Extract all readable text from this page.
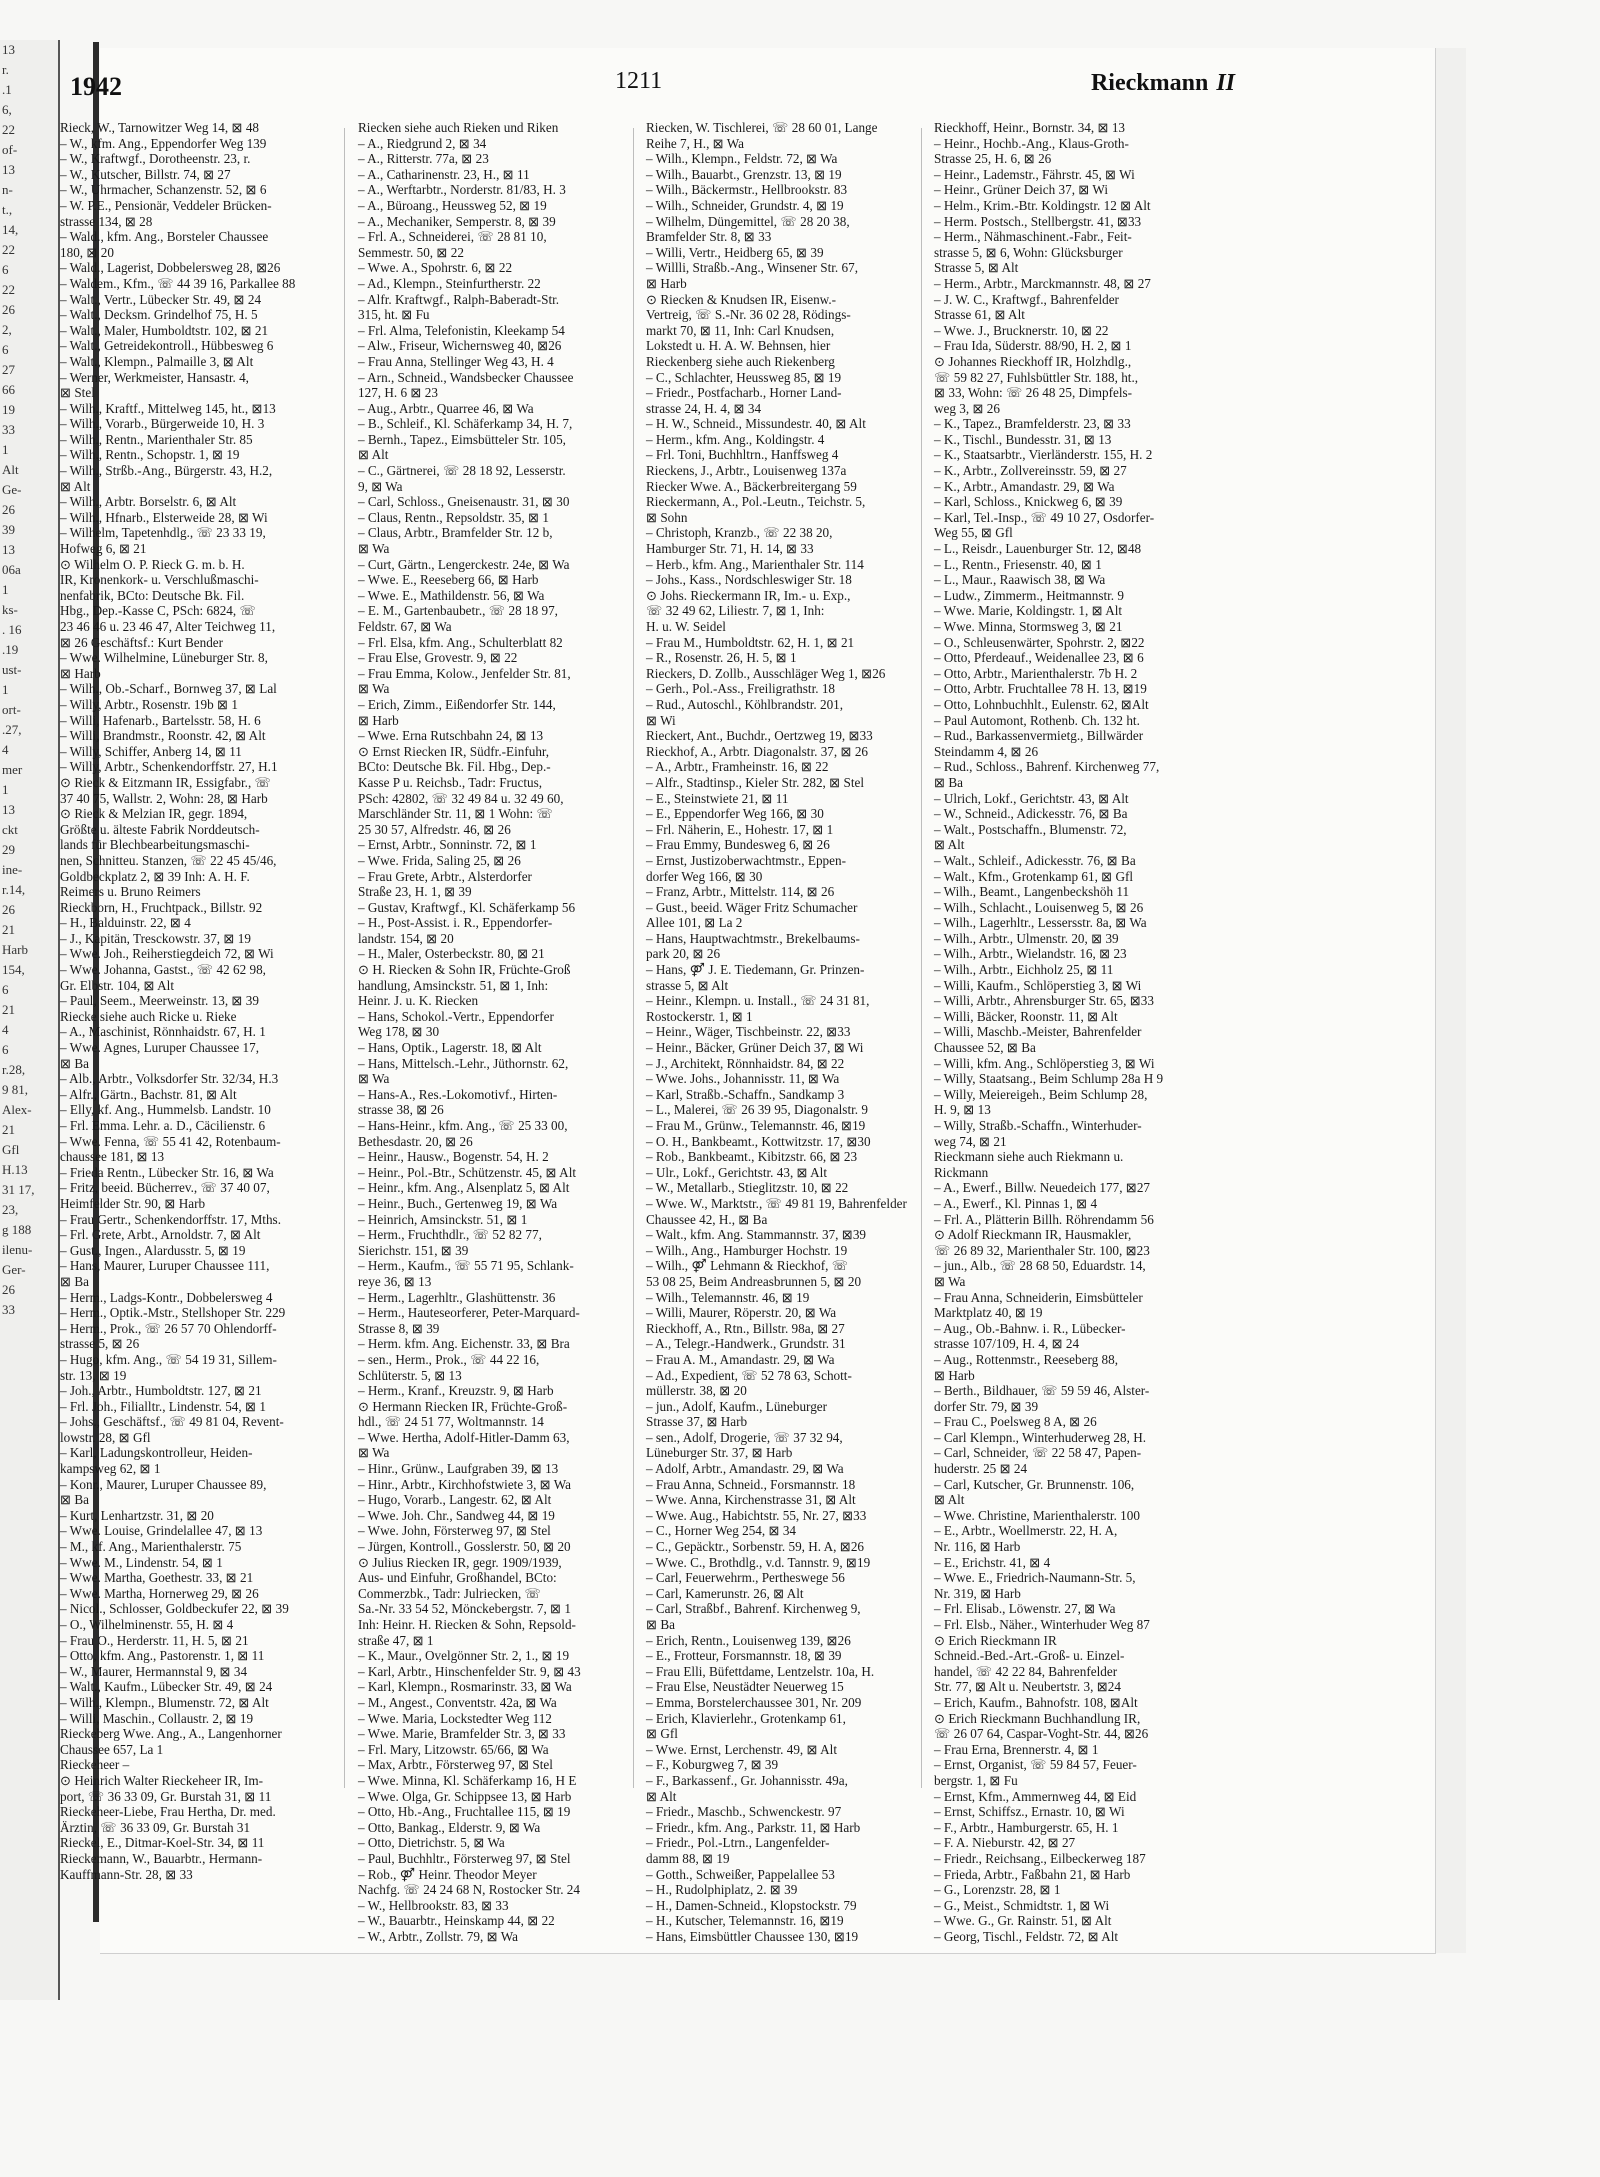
13
r.
.1
6,
22
of-
13
n-
t.,
14,
22
6
22
26
2,
6
27
66
19
33
1
Alt
Ge-
26
39
13
06a
1
ks-
. 16
.19
ust-
1
ort-
.27,
4
mer
1
13
ckt
29
ine-
r.14,
26
21
Harb
154,
6
21
4
6
r.28,
9 81,
Alex-
21
Gfl
H.13
31 17,
23,
g 188
ilenu-
Ger-
26
33
1942	1211	Rieckmann II
Rieck, W., Tarnowitzer Weg 14, ⊠ 48
– W., kfm. Ang., Eppendorfer Weg 139
– W., Kraftwgf., Dorotheenstr. 23, r.
– W., Kutscher, Billstr. 74, ⊠ 27
– W., Uhrmacher, Schanzenstr. 52, ⊠ 6
– W. P.E., Pensionär, Veddeler Brücken-
strasse 134, ⊠ 28
– Wald., kfm. Ang., Borsteler Chaussee
180, ⊠ 20
– Wald., Lagerist, Dobbelersweg 28, ⊠26
– Waldem., Kfm., ☏ 44 39 16, Parkallee 88
– Walt., Vertr., Lübecker Str. 49, ⊠ 24
– Walt., Decksm. Grindelhof 75, H. 5
– Walt., Maler, Humboldtstr. 102, ⊠ 21
– Walt., Getreidekontroll., Hübbesweg 6
– Walt., Klempn., Palmaille 3, ⊠ Alt
– Werner, Werkmeister, Hansastr. 4,
⊠ Stel
– Wilh., Kraftf., Mittelweg 145, ht., ⊠13
– Wilh., Vorarb., Bürgerweide 10, H. 3
– Wilh., Rentn., Marienthaler Str. 85
– Wilh., Rentn., Schopstr. 1, ⊠ 19
– Wilh., Strßb.-Ang., Bürgerstr. 43, H.2,
⊠ Alt
– Wilh., Arbtr. Borselstr. 6, ⊠ Alt
– Wilh., Hfnarb., Elsterweide 28, ⊠ Wi
– Wilhelm, Tapetenhdlg., ☏ 23 33 19,
Hofweg 6, ⊠ 21
⊙ Wilhelm O. P. Rieck G. m. b. H.
IR, Kronenkork- u. Verschlußmaschi-
nenfabrik, BCto: Deutsche Bk. Fil.
Hbg., Dep.-Kasse C, PSch: 6824, ☏
23 46 46 u. 23 46 47, Alter Teichweg 11,
⊠ 26 Geschäftsf.: Kurt Bender
– Wwe. Wilhelmine, Lüneburger Str. 8,
⊠ Harb
– Wilh., Ob.-Scharf., Bornweg 37, ⊠ Lal
– Willy, Arbtr., Rosenstr. 19b ⊠ 1
– Willi, Hafenarb., Bartelsstr. 58, H. 6
– Willi, Brandmstr., Roonstr. 42, ⊠ Alt
– Willy, Schiffer, Anberg 14, ⊠ 11
– Willy, Arbtr., Schenkendorffstr. 27, H.1
⊙ Rieck & Eitzmann IR, Essigfabr., ☏
37 40 75, Wallstr. 2, Wohn: 28, ⊠ Harb
⊙ Rieck & Melzian IR, gegr. 1894,
Größte u. älteste Fabrik Norddeutsch-
lands für Blechbearbeitungsmaschi-
nen, Schnitteu. Stanzen, ☏ 22 45 45/46,
Goldbeckplatz 2, ⊠ 39 Inh: A. H. F.
Reimers u. Bruno Reimers
Rieckborn, H., Fruchtpack., Billstr. 92
– H., Balduinstr. 22, ⊠ 4
– J., Kapitän, Tresckowstr. 37, ⊠ 19
– Wwe. Joh., Reiherstiegdeich 72, ⊠ Wi
– Wwe. Johanna, Gastst., ☏ 42 62 98,
Gr. Elbstr. 104, ⊠ Alt
– Paul, Seem., Meerweinstr. 13, ⊠ 39
Riecke siehe auch Ricke u. Rieke
– A., Maschinist, Rönnhaidstr. 67, H. 1
– Wwe. Agnes, Luruper Chaussee 17,
⊠ Ba
– Alb., Arbtr., Volksdorfer Str. 32/34, H.3
– Alfr., Gärtn., Bachstr. 81, ⊠ Alt
– Elly, kf. Ang., Hummelsb. Landstr. 10
– Frl. Emma. Lehr. a. D., Cäcilienstr. 6
– Wwe. Fenna, ☏ 55 41 42, Rotenbaum-
chaussee 181, ⊠ 13
– Frieda Rentn., Lübecker Str. 16, ⊠ Wa
– Fritz, beeid. Bücherrev., ☏ 37 40 07,
Heimfelder Str. 90, ⊠ Harb
– Frau Gertr., Schenkendorffstr. 17, Mths.
– Frl. Grete, Arbt., Arnoldstr. 7, ⊠ Alt
– Gust., Ingen., Alardusstr. 5, ⊠ 19
– Hans, Maurer, Luruper Chaussee 111,
⊠ Ba
– Herm., Ladgs-Kontr., Dobbelersweg 4
– Herm., Optik.-Mstr., Stellshoper Str. 229
– Herm., Prok., ☏ 26 57 70 Ohlendorff-
strasse 5, ⊠ 26
– Hugo, kfm. Ang., ☏ 54 19 31, Sillem-
str. 13, ⊠ 19
– Joh., Arbtr., Humboldtstr. 127, ⊠ 21
– Frl. Joh., Filialltr., Lindenstr. 54, ⊠ 1
– Johs., Geschäftsf., ☏ 49 81 04, Revent-
lowstr. 28, ⊠ Gfl
– Karl, Ladungskontrolleur, Heiden-
kampsweg 62, ⊠ 1
– Konr., Maurer, Luruper Chaussee 89,
⊠ Ba
– Kurt, Lenhartzstr. 31, ⊠ 20
– Wwe. Louise, Grindelallee 47, ⊠ 13
– M., kf. Ang., Marienthalerstr. 75
– Wwe. M., Lindenstr. 54, ⊠ 1
– Wwe. Martha, Goethestr. 33, ⊠ 21
– Wwe. Martha, Hornerweg 29, ⊠ 26
– Nicol., Schlosser, Goldbeckufer 22, ⊠ 39
– O., Wilhelminenstr. 55, H. ⊠ 4
– Frau O., Herderstr. 11, H. 5, ⊠ 21
– Otto, kfm. Ang., Pastorenstr. 1, ⊠ 11
– W., Maurer, Hermannstal 9, ⊠ 34
– Walt., Kaufm., Lübecker Str. 49, ⊠ 24
– Wilh., Klempn., Blumenstr. 72, ⊠ Alt
– Willi, Maschin., Collaustr. 2, ⊠ 19
Rieckeberg Wwe. Ang., A., Langenhorner
Chaussee 657, La 1
Rieckeheer –
⊙ Heinrich Walter Rieckeheer IR, Im-
port, ☏ 36 33 09, Gr. Burstah 31, ⊠ 11
Rieckeheer-Liebe, Frau Hertha, Dr. med.
Ärztin, ☏ 36 33 09, Gr. Burstah 31
Rieckel, E., Ditmar-Koel-Str. 34, ⊠ 11
Rieckemann, W., Bauarbtr., Hermann-
Kauffmann-Str. 28, ⊠ 33
Riecken siehe auch Rieken und Riken
– A., Riedgrund 2, ⊠ 34
– A., Ritterstr. 77a, ⊠ 23
– A., Catharinenstr. 23, H., ⊠ 11
– A., Werftarbtr., Norderstr. 81/83, H. 3
– A., Büroang., Heussweg 52, ⊠ 19
– A., Mechaniker, Semperstr. 8, ⊠ 39
– Frl. A., Schneiderei, ☏ 28 81 10,
Semmestr. 50, ⊠ 22
– Wwe. A., Spohrstr. 6, ⊠ 22
– Ad., Klempn., Steinfurtherstr. 22
– Alfr. Kraftwgf., Ralph-Baberadt-Str.
315, ht. ⊠ Fu
– Frl. Alma, Telefonistin, Kleekamp 54
– Alw., Friseur, Wichernsweg 40, ⊠26
– Frau Anna, Stellinger Weg 43, H. 4
– Arn., Schneid., Wandsbecker Chaussee
127, H. 6 ⊠ 23
– Aug., Arbtr., Quarree 46, ⊠ Wa
– B., Schleif., Kl. Schäferkamp 34, H. 7,
– Bernh., Tapez., Eimsbütteler Str. 105,
⊠ Alt
– C., Gärtnerei, ☏ 28 18 92, Lesserstr.
9, ⊠ Wa
– Carl, Schloss., Gneisenaustr. 31, ⊠ 30
– Claus, Rentn., Repsoldstr. 35, ⊠ 1
– Claus, Arbtr., Bramfelder Str. 12 b,
⊠ Wa
– Curt, Gärtn., Lengerckestr. 24e, ⊠ Wa
– Wwe. E., Reeseberg 66, ⊠ Harb
– Wwe. E., Mathildenstr. 56, ⊠ Wa
– E. M., Gartenbaubetr., ☏ 28 18 97,
Feldstr. 67, ⊠ Wa
– Frl. Elsa, kfm. Ang., Schulterblatt 82
– Frau Else, Grovestr. 9, ⊠ 22
– Frau Emma, Kolow., Jenfelder Str. 81,
⊠ Wa
– Erich, Zimm., Eißendorfer Str. 144,
⊠ Harb
– Wwe. Erna Rutschbahn 24, ⊠ 13
⊙ Ernst Riecken IR, Südfr.-Einfuhr,
BCto: Deutsche Bk. Fil. Hbg., Dep.-
Kasse P u. Reichsb., Tadr: Fructus,
PSch: 42802, ☏ 32 49 84 u. 32 49 60,
Marschländer Str. 11, ⊠ 1 Wohn: ☏
25 30 57, Alfredstr. 46, ⊠ 26
– Ernst, Arbtr., Sonninstr. 72, ⊠ 1
– Wwe. Frida, Saling 25, ⊠ 26
– Frau Grete, Arbtr., Alsterdorfer
Straße 23, H. 1, ⊠ 39
– Gustav, Kraftwgf., Kl. Schäferkamp 56
– H., Post-Assist. i. R., Eppendorfer-
landstr. 154, ⊠ 20
– H., Maler, Osterbeckstr. 80, ⊠ 21
⊙ H. Riecken & Sohn IR, Früchte-Groß
handlung, Amsinckstr. 51, ⊠ 1, Inh:
Heinr. J. u. K. Riecken
– Hans, Schokol.-Vertr., Eppendorfer
Weg 178, ⊠ 30
– Hans, Optik., Lagerstr. 18, ⊠ Alt
– Hans, Mittelsch.-Lehr., Jüthornstr. 62,
⊠ Wa
– Hans-A., Res.-Lokomotivf., Hirten-
strasse 38, ⊠ 26
– Hans-Heinr., kfm. Ang., ☏ 25 33 00,
Bethesdastr. 20, ⊠ 26
– Heinr., Hausw., Bogenstr. 54, H. 2
– Heinr., Pol.-Btr., Schützenstr. 45, ⊠ Alt
– Heinr., kfm. Ang., Alsenplatz 5, ⊠ Alt
– Heinr., Buch., Gertenweg 19, ⊠ Wa
– Heinrich, Amsinckstr. 51, ⊠ 1
– Herm., Fruchthdlr., ☏ 52 82 77,
Sierichstr. 151, ⊠ 39
– Herm., Kaufm., ☏ 55 71 95, Schlank-
reye 36, ⊠ 13
– Herm., Lagerhltr., Glashüttenstr. 36
– Herm., Hauteseorferer, Peter-Marquard-
Strasse 8, ⊠ 39
– Herm. kfm. Ang. Eichenstr. 33, ⊠ Bra
– sen., Herm., Prok., ☏ 44 22 16,
Schlüterstr. 5, ⊠ 13
– Herm., Kranf., Kreuzstr. 9, ⊠ Harb
⊙ Hermann Riecken IR, Früchte-Groß-
hdl., ☏ 24 51 77, Woltmannstr. 14
– Wwe. Hertha, Adolf-Hitler-Damm 63,
⊠ Wa
– Hinr., Grünw., Laufgraben 39, ⊠ 13
– Hinr., Arbtr., Kirchhofstwiete 3, ⊠ Wa
– Hugo, Vorarb., Langestr. 62, ⊠ Alt
– Wwe. Joh. Chr., Sandweg 44, ⊠ 19
– Wwe. John, Försterweg 97, ⊠ Stel
– Jürgen, Kontroll., Gosslerstr. 50, ⊠ 20
⊙ Julius Riecken IR, gegr. 1909/1939,
Aus- und Einfuhr, Großhandel, BCto:
Commerzbk., Tadr: Julriecken, ☏
Sa.-Nr. 33 54 52, Mönckebergstr. 7, ⊠ 1
Inh: Heinr. H. Riecken & Sohn, Repsold-
straße 47, ⊠ 1
– K., Maur., Ovelgönner Str. 2, 1., ⊠ 19
– Karl, Arbtr., Hinschenfelder Str. 9, ⊠ 43
– Karl, Klempn., Rosmarinstr. 33, ⊠ Wa
– M., Angest., Conventstr. 42a, ⊠ Wa
– Wwe. Maria, Lockstedter Weg 112
– Wwe. Marie, Bramfelder Str. 3, ⊠ 33
– Frl. Mary, Litzowstr. 65/66, ⊠ Wa
– Max, Arbtr., Försterweg 97, ⊠ Stel
– Wwe. Minna, Kl. Schäferkamp 16, H E
– Wwe. Olga, Gr. Schippsee 13, ⊠ Harb
– Otto, Hb.-Ang., Fruchtallee 115, ⊠ 19
– Otto, Bankag., Elderstr. 9, ⊠ Wa
– Otto, Dietrichstr. 5, ⊠ Wa
– Paul, Buchhltr., Försterweg 97, ⊠ Stel
– Rob., ⚤ Heinr. Theodor Meyer
Nachfg. ☏ 24 24 68 N, Rostocker Str. 24
– W., Hellbrookstr. 83, ⊠ 33
– W., Bauarbtr., Heinskamp 44, ⊠ 22
– W., Arbtr., Zollstr. 79, ⊠ Wa
Riecken, W. Tischlerei, ☏ 28 60 01, Lange
Reihe 7, H., ⊠ Wa
– Wilh., Klempn., Feldstr. 72, ⊠ Wa
– Wilh., Bauarbt., Grenzstr. 13, ⊠ 19
– Wilh., Bäckermstr., Hellbrookstr. 83
– Wilh., Schneider, Grundstr. 4, ⊠ 19
– Wilhelm, Düngemittel, ☏ 28 20 38,
Bramfelder Str. 8, ⊠ 33
– Willi, Vertr., Heidberg 65, ⊠ 39
– Willli, Straßb.-Ang., Winsener Str. 67,
⊠ Harb
⊙ Riecken & Knudsen IR, Eisenw.-
Vertreig, ☏ S.-Nr. 36 02 28, Rödings-
markt 70, ⊠ 11, Inh: Carl Knudsen,
Lokstedt u. H. A. W. Behnsen, hier
Rieckenberg siehe auch Riekenberg
– C., Schlachter, Heussweg 85, ⊠ 19
– Friedr., Postfacharb., Horner Land-
strasse 24, H. 4, ⊠ 34
– H. W., Schneid., Missundestr. 40, ⊠ Alt
– Herm., kfm. Ang., Koldingstr. 4
– Frl. Toni, Buchhltrn., Hanffsweg 4
Rieckens, J., Arbtr., Louisenweg 137a
Riecker Wwe. A., Bäckerbreitergang 59
Rieckermann, A., Pol.-Leutn., Teichstr. 5,
⊠ Sohn
– Christoph, Kranzb., ☏ 22 38 20,
Hamburger Str. 71, H. 14, ⊠ 33
– Herb., kfm. Ang., Marienthaler Str. 114
– Johs., Kass., Nordschleswiger Str. 18
⊙ Johs. Rieckermann IR, Im.- u. Exp.,
☏ 32 49 62, Liliestr. 7, ⊠ 1, Inh:
H. u. W. Seidel
– Frau M., Humboldtstr. 62, H. 1, ⊠ 21
– R., Rosenstr. 26, H. 5, ⊠ 1
Rieckers, D. Zollb., Ausschläger Weg 1, ⊠26
– Gerh., Pol.-Ass., Freiligrathstr. 18
– Rud., Autoschl., Köhlbrandstr. 201,
⊠ Wi
Rieckert, Ant., Buchdr., Oertzweg 19, ⊠33
Rieckhof, A., Arbtr. Diagonalstr. 37, ⊠ 26
– A., Arbtr., Framheinstr. 16, ⊠ 22
– Alfr., Stadtinsp., Kieler Str. 282, ⊠ Stel
– E., Steinstwiete 21, ⊠ 11
– E., Eppendorfer Weg 166, ⊠ 30
– Frl. Näherin, E., Hohestr. 17, ⊠ 1
– Frau Emmy, Bundesweg 6, ⊠ 26
– Ernst, Justizoberwachtmstr., Eppen-
dorfer Weg 166, ⊠ 30
– Franz, Arbtr., Mittelstr. 114, ⊠ 26
– Gust., beeid. Wäger Fritz Schumacher
Allee 101, ⊠ La 2
– Hans, Hauptwachtmstr., Brekelbaums-
park 20, ⊠ 26
– Hans, ⚤ J. E. Tiedemann, Gr. Prinzen-
strasse 5, ⊠ Alt
– Heinr., Klempn. u. Install., ☏ 24 31 81,
Rostockerstr. 1, ⊠ 1
– Heinr., Wäger, Tischbeinstr. 22, ⊠33
– Heinr., Bäcker, Grüner Deich 37, ⊠ Wi
– J., Architekt, Rönnhaidstr. 84, ⊠ 22
– Wwe. Johs., Johannisstr. 11, ⊠ Wa
– Karl, Straßb.-Schaffn., Sandkamp 3
– L., Malerei, ☏ 26 39 95, Diagonalstr. 9
– Frau M., Grünw., Telemannstr. 46, ⊠19
– O. H., Bankbeamt., Kottwitzstr. 17, ⊠30
– Rob., Bankbeamt., Kibitzstr. 66, ⊠ 23
– Ulr., Lokf., Gerichtstr. 43, ⊠ Alt
– W., Metallarb., Stieglitzstr. 10, ⊠ 22
– Wwe. W., Marktstr., ☏ 49 81 19, Bahrenfelder
Chaussee 42, H., ⊠ Ba
– Walt., kfm. Ang. Stammannstr. 37, ⊠39
– Wilh., Ang., Hamburger Hochstr. 19
– Wilh., ⚤ Lehmann & Rieckhof, ☏
53 08 25, Beim Andreasbrunnen 5, ⊠ 20
– Wilh., Telemannstr. 46, ⊠ 19
– Willi, Maurer, Röperstr. 20, ⊠ Wa
Rieckhoff, A., Rtn., Billstr. 98a, ⊠ 27
– A., Telegr.-Handwerk., Grundstr. 31
– Frau A. M., Amandastr. 29, ⊠ Wa
– Ad., Expedient, ☏ 52 78 63, Schott-
müllerstr. 38, ⊠ 20
– jun., Adolf, Kaufm., Lüneburger
Strasse 37, ⊠ Harb
– sen., Adolf, Drogerie, ☏ 37 32 94,
Lüneburger Str. 37, ⊠ Harb
– Adolf, Arbtr., Amandastr. 29, ⊠ Wa
– Frau Anna, Schneid., Forsmannstr. 18
– Wwe. Anna, Kirchenstrasse 31, ⊠ Alt
– Wwe. Aug., Habichtstr. 55, Nr. 27, ⊠33
– C., Horner Weg 254, ⊠ 34
– C., Gepäcktr., Sorbenstr. 59, H. A, ⊠26
– Wwe. C., Brothdlg., v.d. Tannstr. 9, ⊠19
– Carl, Feuerwehrm., Pertheswege 56
– Carl, Kamerunstr. 26, ⊠ Alt
– Carl, Straßbf., Bahrenf. Kirchenweg 9,
⊠ Ba
– Erich, Rentn., Louisenweg 139, ⊠26
– E., Frotteur, Forsmannstr. 18, ⊠ 39
– Frau Elli, Büfettdame, Lentzelstr. 10a, H.
– Frau Else, Neustädter Neuerweg 15
– Emma, Borstelerchaussee 301, Nr. 209
– Erich, Klavierlehr., Grotenkamp 61,
⊠ Gfl
– Wwe. Ernst, Lerchenstr. 49, ⊠ Alt
– F., Koburgweg 7, ⊠ 39
– F., Barkassenf., Gr. Johannisstr. 49a,
⊠ Alt
– Friedr., Maschb., Schwenckestr. 97
– Friedr., kfm. Ang., Parkstr. 11, ⊠ Harb
– Friedr., Pol.-Ltrn., Langenfelder-
damm 88, ⊠ 19
– Gotth., Schweißer, Pappelallee 53
– H., Rudolphiplatz, 2. ⊠ 39
– H., Damen-Schneid., Klopstockstr. 79
– H., Kutscher, Telemannstr. 16, ⊠19
– Hans, Eimsbüttler Chaussee 130, ⊠19
Rieckhoff, Heinr., Bornstr. 34, ⊠ 13
– Heinr., Hochb.-Ang., Klaus-Groth-
Strasse 25, H. 6, ⊠ 26
– Heinr., Lademstr., Fährstr. 45, ⊠ Wi
– Heinr., Grüner Deich 37, ⊠ Wi
– Helm., Krim.-Btr. Koldingstr. 12 ⊠ Alt
– Herm. Postsch., Stellbergstr. 41, ⊠33
– Herm., Nähmaschinent.-Fabr., Feit-
strasse 5, ⊠ 6, Wohn: Glücksburger
Strasse 5, ⊠ Alt
– Herm., Arbtr., Marckmannstr. 48, ⊠ 27
– J. W. C., Kraftwgf., Bahrenfelder
Strasse 61, ⊠ Alt
– Wwe. J., Brucknerstr. 10, ⊠ 22
– Frau Ida, Süderstr. 88/90, H. 2, ⊠ 1
⊙ Johannes Rieckhoff IR, Holzhdlg.,
☏ 59 82 27, Fuhlsbüttler Str. 188, ht.,
⊠ 33, Wohn: ☏ 26 48 25, Dimpfels-
weg 3, ⊠ 26
– K., Tapez., Bramfelderstr. 23, ⊠ 33
– K., Tischl., Bundesstr. 31, ⊠ 13
– K., Staatsarbtr., Vierländerstr. 155, H. 2
– K., Arbtr., Zollvereinsstr. 59, ⊠ 27
– K., Arbtr., Amandastr. 29, ⊠ Wa
– Karl, Schloss., Knickweg 6, ⊠ 39
– Karl, Tel.-Insp., ☏ 49 10 27, Osdorfer-
Weg 55, ⊠ Gfl
– L., Reisdr., Lauenburger Str. 12, ⊠48
– L., Rentn., Friesenstr. 40, ⊠ 1
– L., Maur., Raawisch 38, ⊠ Wa
– Ludw., Zimmerm., Heitmannstr. 9
– Wwe. Marie, Koldingstr. 1, ⊠ Alt
– Wwe. Minna, Stormsweg 3, ⊠ 21
– O., Schleusenwärter, Spohrstr. 2, ⊠22
– Otto, Pferdeauf., Weidenallee 23, ⊠ 6
– Otto, Arbtr., Marienthalerstr. 7b H. 2
– Otto, Arbtr. Fruchtallee 78 H. 13, ⊠19
– Otto, Lohnbuchhlt., Eulenstr. 62, ⊠Alt
– Paul Automont, Rothenb. Ch. 132 ht.
– Rud., Barkassenvermietg., Billwärder
Steindamm 4, ⊠ 26
– Rud., Schloss., Bahrenf. Kirchenweg 77,
⊠ Ba
– Ulrich, Lokf., Gerichtstr. 43, ⊠ Alt
– W., Schneid., Adickesstr. 76, ⊠ Ba
– Walt., Postschaffn., Blumenstr. 72,
⊠ Alt
– Walt., Schleif., Adickesstr. 76, ⊠ Ba
– Walt., Kfm., Grotenkamp 61, ⊠ Gfl
– Wilh., Beamt., Langenbeckshöh 11
– Wilh., Schlacht., Louisenweg 5, ⊠ 26
– Wilh., Lagerhltr., Lessersstr. 8a, ⊠ Wa
– Wilh., Arbtr., Ulmenstr. 20, ⊠ 39
– Wilh., Arbtr., Wielandstr. 16, ⊠ 23
– Wilh., Arbtr., Eichholz 25, ⊠ 11
– Willi, Kaufm., Schlöperstieg 3, ⊠ Wi
– Willi, Arbtr., Ahrensburger Str. 65, ⊠33
– Willi, Bäcker, Roonstr. 11, ⊠ Alt
– Willi, Maschb.-Meister, Bahrenfelder
Chaussee 52, ⊠ Ba
– Willi, kfm. Ang., Schlöperstieg 3, ⊠ Wi
– Willy, Staatsang., Beim Schlump 28a H 9
– Willy, Meiereigeh., Beim Schlump 28,
H. 9, ⊠ 13
– Willy, Straßb.-Schaffn., Winterhuder-
weg 74, ⊠ 21
Rieckmann siehe auch Riekmann u.
Rickmann
– A., Ewerf., Billw. Neuedeich 177, ⊠27
– A., Ewerf., Kl. Pinnas 1, ⊠ 4
– Frl. A., Plätterin Billh. Röhrendamm 56
⊙ Adolf Rieckmann IR, Hausmakler,
☏ 26 89 32, Marienthaler Str. 100, ⊠23
– jun., Alb., ☏ 28 68 50, Eduardstr. 14,
⊠ Wa
– Frau Anna, Schneiderin, Eimsbütteler
Marktplatz 40, ⊠ 19
– Aug., Ob.-Bahnw. i. R., Lübecker-
strasse 107/109, H. 4, ⊠ 24
– Aug., Rottenmstr., Reeseberg 88,
⊠ Harb
– Berth., Bildhauer, ☏ 59 59 46, Alster-
dorfer Str. 79, ⊠ 39
– Frau C., Poelsweg 8 A, ⊠ 26
– Carl Klempn., Winterhuderweg 28, H.
– Carl, Schneider, ☏ 22 58 47, Papen-
huderstr. 25 ⊠ 24
– Carl, Kutscher, Gr. Brunnenstr. 106,
⊠ Alt
– Wwe. Christine, Marienthalerstr. 100
– E., Arbtr., Woellmerstr. 22, H. A,
Nr. 116, ⊠ Harb
– E., Erichstr. 41, ⊠ 4
– Wwe. E., Friedrich-Naumann-Str. 5,
Nr. 319, ⊠ Harb
– Frl. Elisab., Löwenstr. 27, ⊠ Wa
– Frl. Elsb., Näher., Winterhuder Weg 87
⊙ Erich Rieckmann IR
Schneid.-Bed.-Art.-Groß- u. Einzel-
handel, ☏ 42 22 84, Bahrenfelder
Str. 77, ⊠ Alt u. Neubertstr. 3, ⊠24
– Erich, Kaufm., Bahnofstr. 108, ⊠Alt
⊙ Erich Rieckmann Buchhandlung IR,
☏ 26 07 64, Caspar-Voght-Str. 44, ⊠26
– Frau Erna, Brennerstr. 4, ⊠ 1
– Ernst, Organist, ☏ 59 84 57, Feuer-
bergstr. 1, ⊠ Fu
– Ernst, Kfm., Ammernweg 44, ⊠ Eid
– Ernst, Schiffsz., Ernastr. 10, ⊠ Wi
– F., Arbtr., Hamburgerstr. 65, H. 1
– F. A. Nieburstr. 42, ⊠ 27
– Friedr., Reichsang., Eilbeckerweg 187
– Frieda, Arbtr., Faßbahn 21, ⊠ Harb
– G., Lorenzstr. 28, ⊠ 1
– G., Meist., Schmidtstr. 1, ⊠ Wi
– Wwe. G., Gr. Rainstr. 51, ⊠ Alt
– Georg, Tischl., Feldstr. 72, ⊠ Alt
